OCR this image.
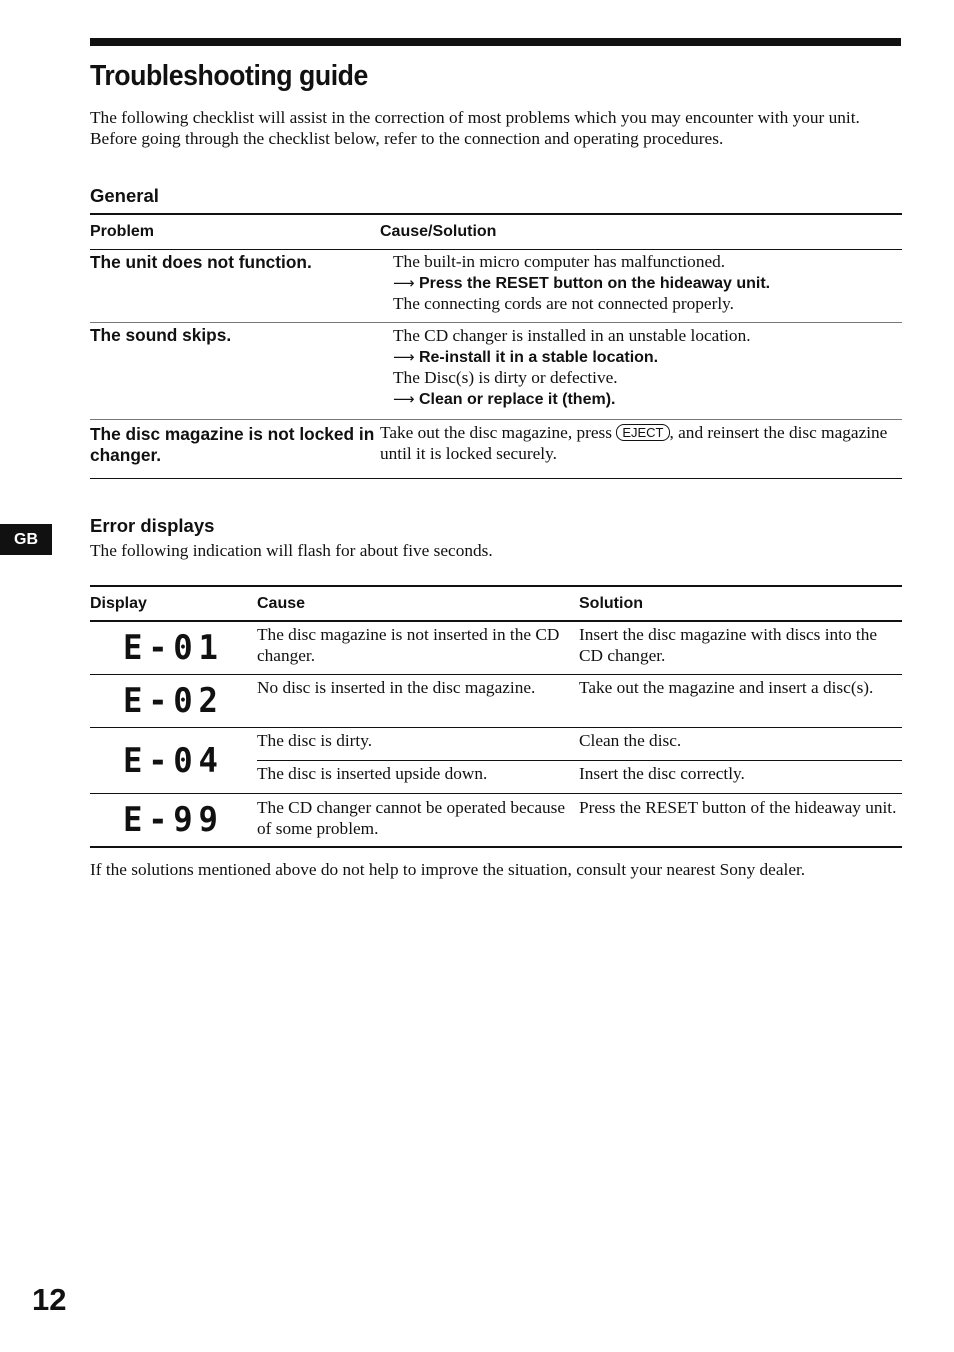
Troubleshooting guide

The following checklist will assist in the correction of most problems which you may encounter with your unit.

Before going through the checklist below, refer to the connection and operating procedures.

General
Problem	Cause/Solution
The unit does not function.	The built-in micro computer has malfunctioned.
⟶ Press the RESET button on the hideaway unit.
The connecting cords are not connected properly.

The sound skips.	The CD changer is installed in an unstable location.
⟶ Re-install it in a stable location.
The Disc(s) is dirty or defective.
⟶ Clean or replace it (them).

The disc magazine is not locked in changer.	Take out the disc magazine, press EJECT , and reinsert the disc magazine until it is locked securely.
Error displays
The following indication will flash for about five seconds.
Display	Cause	Solution
E-01	The disc magazine is not inserted in the CD changer.	Insert the disc magazine with discs into the CD changer.
E-02	No disc is inserted in the disc magazine.	Take out the magazine and insert a disc(s).
E-04	The disc is dirty.	Clean the disc.
	The disc is inserted upside down.	Insert the disc correctly.
E-99	The CD changer cannot be operated because of some problem.	Press the RESET button of the hideaway unit.
If the solutions mentioned above do not help to improve the situation, consult your nearest Sony dealer.
GB
12
